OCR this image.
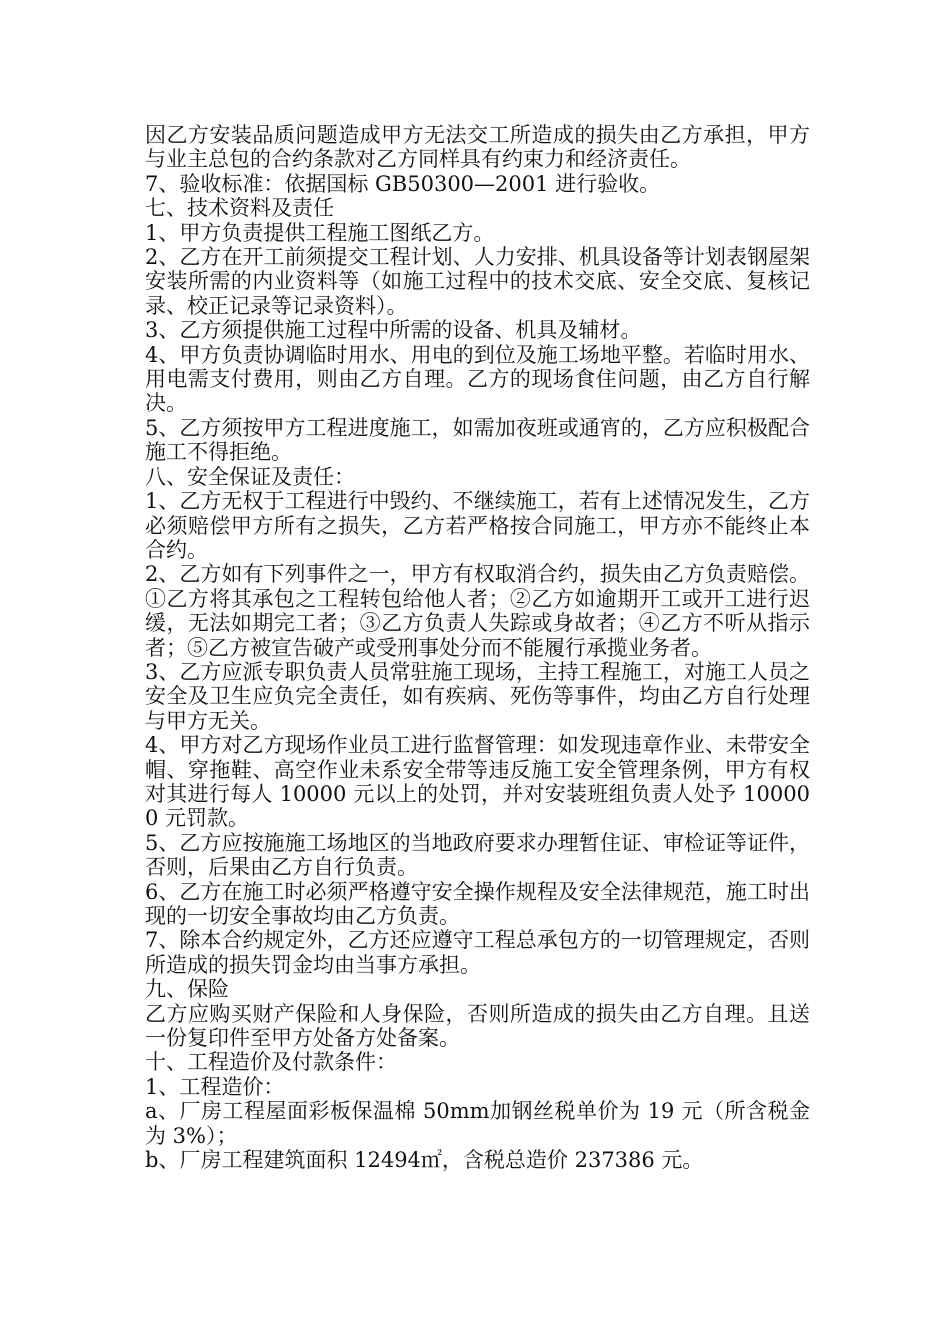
因乙方安装品质问题造成甲方无法交工所造成的损失由乙方承担，甲方与业主总包的合约条款对乙方同样具有约束力和经济责任。

7、验收标准：依据国标 GB50300—2001 进行验收。

七、技术资料及责任

1、甲方负责提供工程施工图纸乙方。

2、乙方在开工前须提交工程计划、人力安排、机具设备等计划表钢屋架安装所需的内业资料等（如施工过程中的技术交底、安全交底、复核记录、校正记录等记录资料）。

3、乙方须提供施工过程中所需的设备、机具及辅材。

4、甲方负责协调临时用水、用电的到位及施工场地平整。若临时用水、用电需支付费用，则由乙方自理。乙方的现场食住问题，由乙方自行解决。

5、乙方须按甲方工程进度施工，如需加夜班或通宵的，乙方应积极配合施工不得拒绝。

八、安全保证及责任：

1、乙方无权于工程进行中毁约、不继续施工，若有上述情况发生，乙方必须赔偿甲方所有之损失，乙方若严格按合同施工，甲方亦不能终止本合约。

2、乙方如有下列事件之一，甲方有权取消合约，损失由乙方负责赔偿。①乙方将其承包之工程转包给他人者；②乙方如逾期开工或开工进行迟缓，无法如期完工者；③乙方负责人失踪或身故者；④乙方不听从指示者；⑤乙方被宣告破产或受刑事处分而不能履行承揽业务者。

3、乙方应派专职负责人员常驻施工现场，主持工程施工，对施工人员之安全及卫生应负完全责任，如有疾病、死伤等事件，均由乙方自行处理与甲方无关。

4、甲方对乙方现场作业员工进行监督管理：如发现违章作业、未带安全帽、穿拖鞋、高空作业未系安全带等违反施工安全管理条例，甲方有权对其进行每人 10000 元以上的处罚，并对安装班组负责人处予 100000 元罚款。

5、乙方应按施施工场地区的当地政府要求办理暂住证、审检证等证件，否则，后果由乙方自行负责。

6、乙方在施工时必须严格遵守安全操作规程及安全法律规范，施工时出现的一切安全事故均由乙方负责。

7、除本合约规定外，乙方还应遵守工程总承包方的一切管理规定，否则所造成的损失罚金均由当事方承担。

九、保险

乙方应购买财产保险和人身保险，否则所造成的损失由乙方自理。且送一份复印件至甲方处备方处备案。

十、工程造价及付款条件：

1、工程造价：

a、厂房工程屋面彩板保温棉 50mm加钢丝税单价为 19 元（所含税金为 3%）；

b、厂房工程建筑面积 12494㎡，含税总造价 237386 元。
